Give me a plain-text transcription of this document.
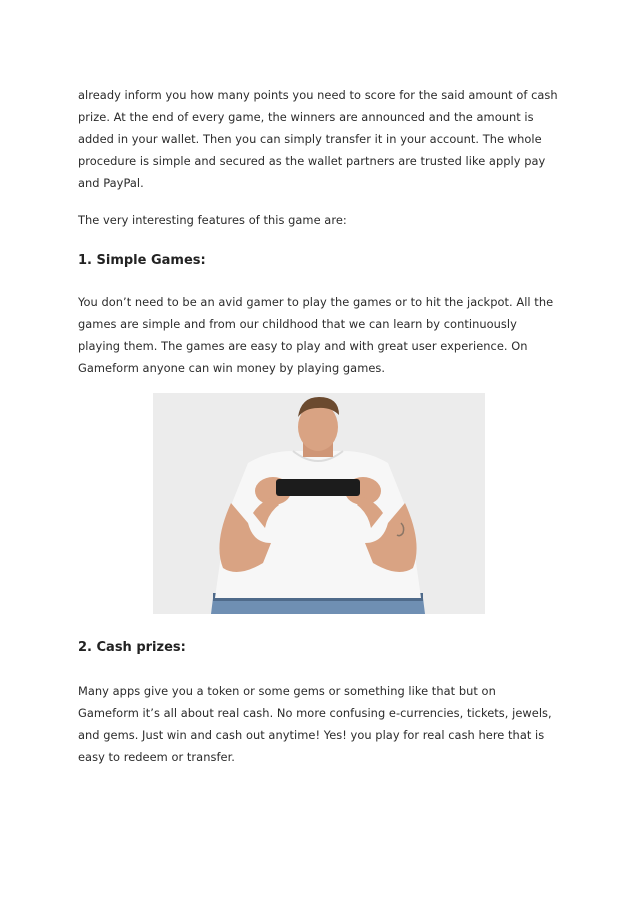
already inform you how many points you need to score for the said amount of cash prize. At the end of every game, the winners are announced and the amount is added in your wallet. Then you can simply transfer it in your account. The whole procedure is simple and secured as the wallet partners are trusted like apply pay and PayPal.

The very interesting features of this game are:

1. Simple Games:

You don’t need to be an avid gamer to play the games or to hit the jackpot. All the games are simple and from our childhood that we can learn by continuously playing them. The games are easy to play and with great user experience. On Gameform anyone can win money by playing games.

2. Cash prizes:

Many apps give you a token or some gems or something like that but on Gameform it’s all about real cash. No more confusing e-currencies, tickets, jewels, and gems. Just win and cash out anytime! Yes! you play for real cash here that is easy to redeem or transfer.
